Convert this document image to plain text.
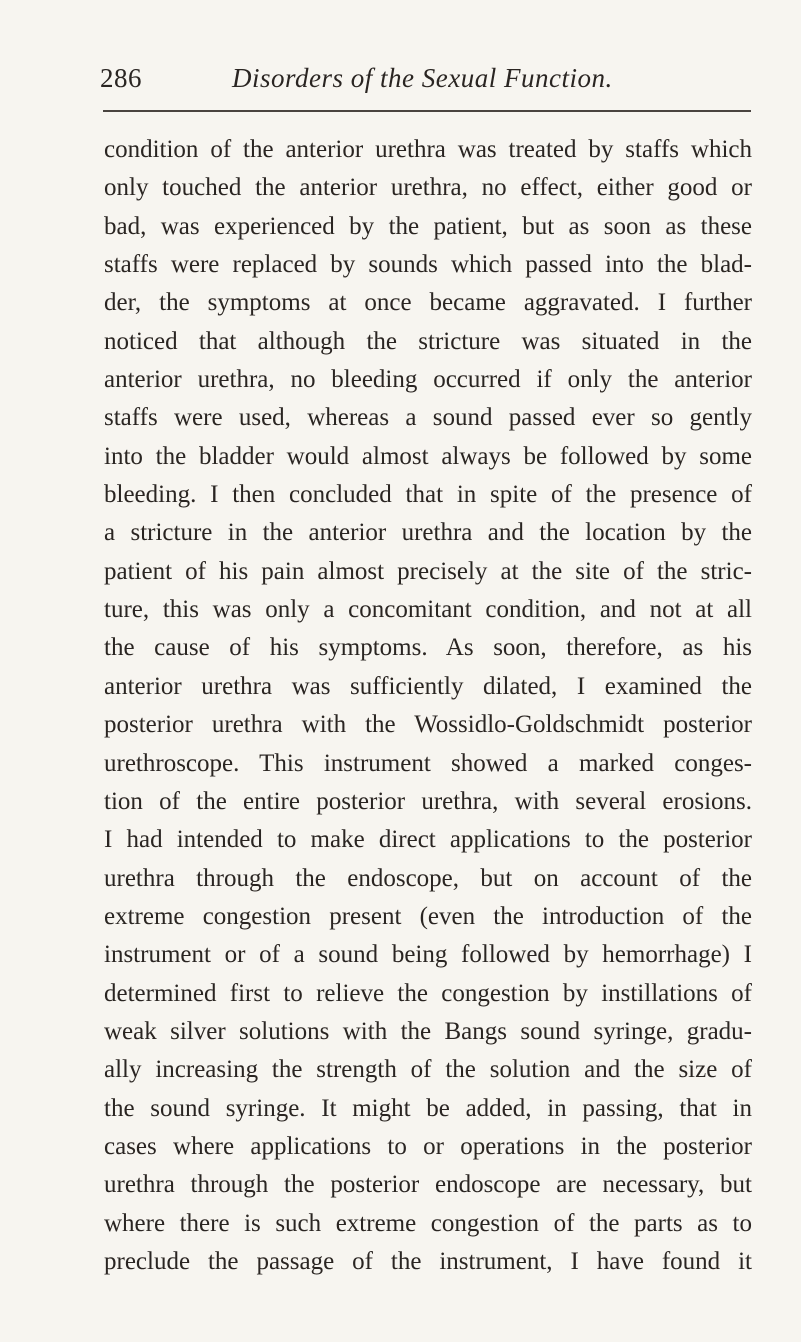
286	Disorders of the Sexual Function.
condition of the anterior urethra was treated by staffs which
only touched the anterior urethra, no effect, either good or
bad, was experienced by the patient, but as soon as these
staffs were replaced by sounds which passed into the blad-
der, the symptoms at once became aggravated. I further
noticed that although the stricture was situated in the
anterior urethra, no bleeding occurred if only the anterior
staffs were used, whereas a sound passed ever so gently
into the bladder would almost always be followed by some
bleeding. I then concluded that in spite of the presence of
a stricture in the anterior urethra and the location by the
patient of his pain almost precisely at the site of the stric-
ture, this was only a concomitant condition, and not at all
the cause of his symptoms. As soon, therefore, as his
anterior urethra was sufficiently dilated, I examined the
posterior urethra with the Wossidlo-Goldschmidt posterior
urethroscope. This instrument showed a marked conges-
tion of the entire posterior urethra, with several erosions.
I had intended to make direct applications to the posterior
urethra through the endoscope, but on account of the
extreme congestion present (even the introduction of the
instrument or of a sound being followed by hemorrhage) I
determined first to relieve the congestion by instillations of
weak silver solutions with the Bangs sound syringe, gradu-
ally increasing the strength of the solution and the size of
the sound syringe. It might be added, in passing, that in
cases where applications to or operations in the posterior
urethra through the posterior endoscope are necessary, but
where there is such extreme congestion of the parts as to
preclude the passage of the instrument, I have found it
